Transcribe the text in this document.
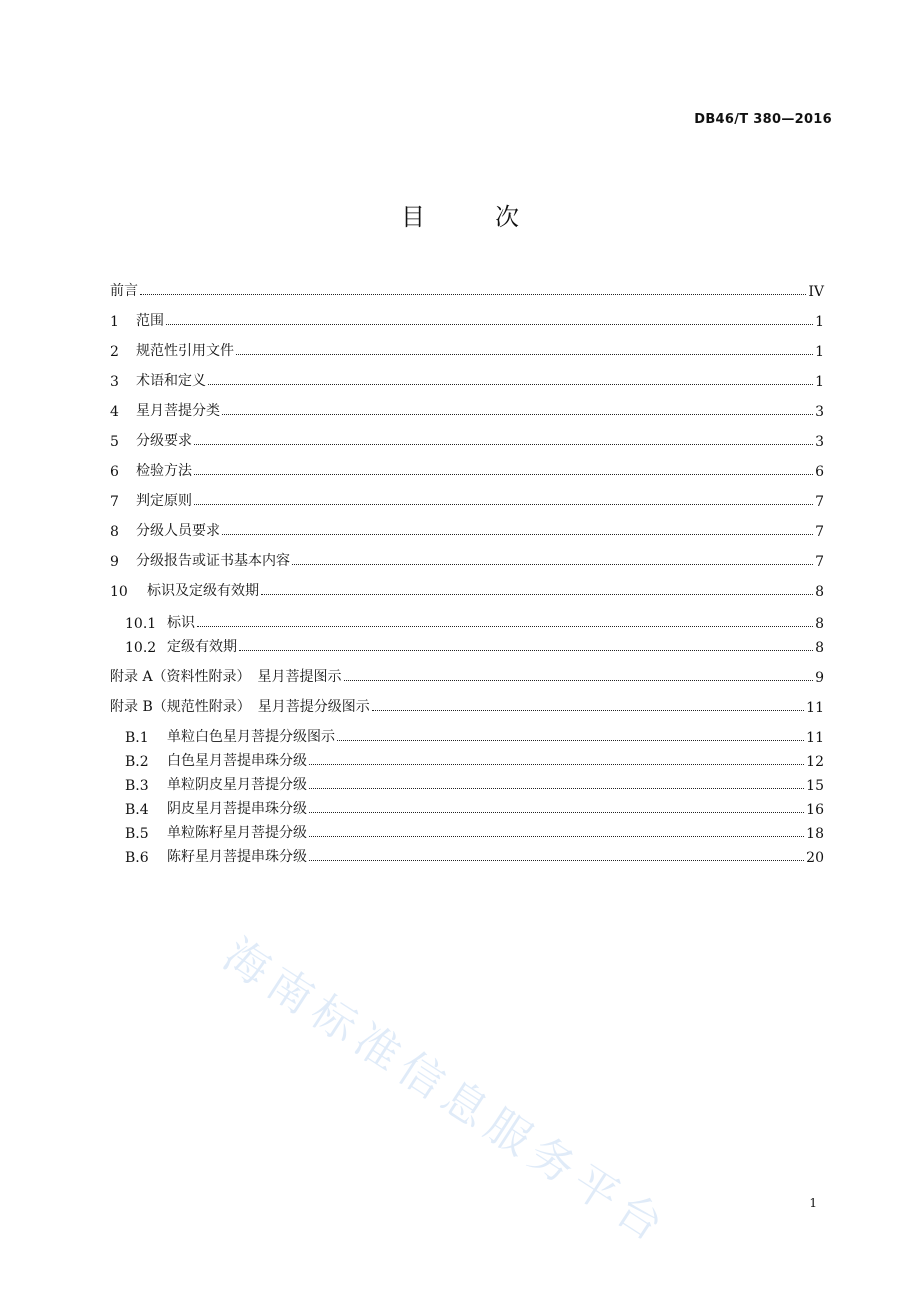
DB46/T 380—2016
目	次
前言	IV
1	范围	1
2	规范性引用文件	1
3	术语和定义	1
4	星月菩提分类	3
5	分级要求	3
6	检验方法	6
7	判定原则	7
8	分级人员要求	7
9	分级报告或证书基本内容	7
10	标识及定级有效期	8
10.1 标识	8
10.2 定级有效期	8
附录 A（资料性附录）　星月菩提图示	9
附录 B（规范性附录）　星月菩提分级图示	11
B.1	单粒白色星月菩提分级图示	11
B.2	白色星月菩提串珠分级	12
B.3	单粒阴皮星月菩提分级	15
B.4	阴皮星月菩提串珠分级	16
B.5	单粒陈籽星月菩提分级	18
B.6	陈籽星月菩提串珠分级	20
1
海南标准信息服务平台
